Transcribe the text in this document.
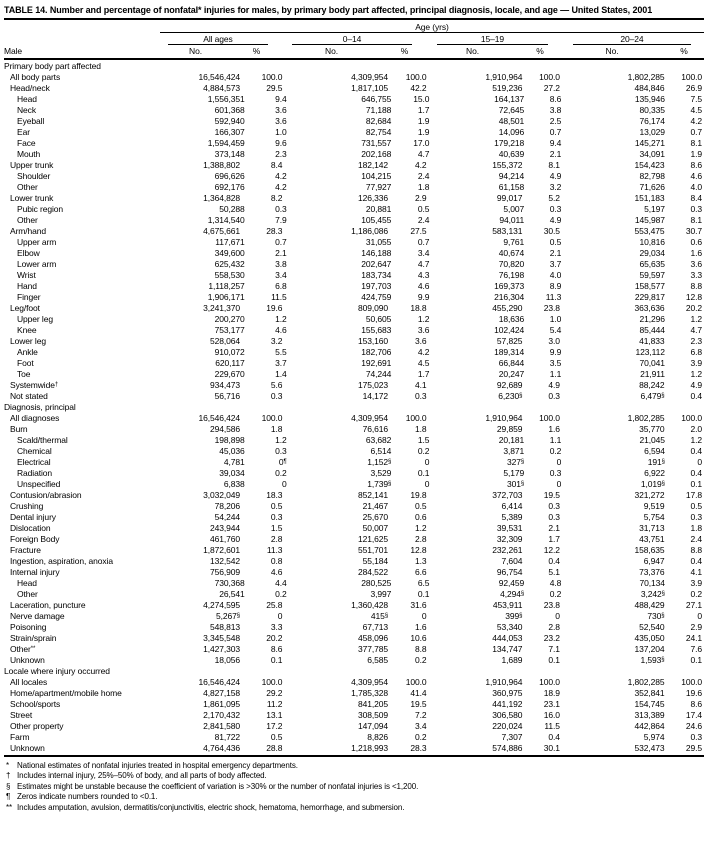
TABLE 14. Number and percentage of nonfatal* injuries for males, by primary body part affected, principal diagnosis, locale, and age — United States, 2001
Age (yrs)
All ages	0–14	15–19	20–24
Male	No.	%	No.	%	No.	%	No.	%
Primary body part affected
All body parts	16,546,424	100.0	4,309,954	100.0	1,910,964	100.0	1,802,285	100.0
Head/neck	4,884,573	29.5	1,817,105	42.2	519,236	27.2	484,846	26.9
Head	1,556,351	9.4	646,755	15.0	164,137	8.6	135,946	7.5
Neck	601,368	3.6	71,188	1.7	72,645	3.8	80,335	4.5
Eyeball	592,940	3.6	82,684	1.9	48,501	2.5	76,174	4.2
Ear	166,307	1.0	82,754	1.9	14,096	0.7	13,029	0.7
Face	1,594,459	9.6	731,557	17.0	179,218	9.4	145,271	8.1
Mouth	373,148	2.3	202,168	4.7	40,639	2.1	34,091	1.9
Upper trunk	1,388,802	8.4	182,142	4.2	155,372	8.1	154,423	8.6
Shoulder	696,626	4.2	104,215	2.4	94,214	4.9	82,798	4.6
Other	692,176	4.2	77,927	1.8	61,158	3.2	71,626	4.0
Lower trunk	1,364,828	8.2	126,336	2.9	99,017	5.2	151,183	8.4
Pubic region	50,288	0.3	20,881	0.5	5,007	0.3	5,197	0.3
Other	1,314,540	7.9	105,455	2.4	94,011	4.9	145,987	8.1
Arm/hand	4,675,661	28.3	1,186,086	27.5	583,131	30.5	553,475	30.7
Upper arm	117,671	0.7	31,055	0.7	9,761	0.5	10,816	0.6
Elbow	349,600	2.1	146,188	3.4	40,674	2.1	29,034	1.6
Lower arm	625,432	3.8	202,647	4.7	70,820	3.7	65,635	3.6
Wrist	558,530	3.4	183,734	4.3	76,198	4.0	59,597	3.3
Hand	1,118,257	6.8	197,703	4.6	169,373	8.9	158,577	8.8
Finger	1,906,171	11.5	424,759	9.9	216,304	11.3	229,817	12.8
Leg/foot	3,241,370	19.6	809,090	18.8	455,290	23.8	363,636	20.2
Upper leg	200,270	1.2	50,605	1.2	18,636	1.0	21,296	1.2
Knee	753,177	4.6	155,683	3.6	102,424	5.4	85,444	4.7
Lower leg	528,064	3.2	153,160	3.6	57,825	3.0	41,833	2.3
Ankle	910,072	5.5	182,706	4.2	189,314	9.9	123,112	6.8
Foot	620,117	3.7	192,691	4.5	66,844	3.5	70,041	3.9
Toe	229,670	1.4	74,244	1.7	20,247	1.1	21,911	1.2
Systemwide†	934,473	5.6	175,023	4.1	92,689	4.9	88,242	4.9
Not stated	56,716	0.3	14,172	0.3	6,230§	0.3	6,479§	0.4
Diagnosis, principal
All diagnoses	16,546,424	100.0	4,309,954	100.0	1,910,964	100.0	1,802,285	100.0
Burn	294,586	1.8	76,616	1.8	29,859	1.6	35,770	2.0
Scald/thermal	198,898	1.2	63,682	1.5	20,181	1.1	21,045	1.2
Chemical	45,036	0.3	6,514	0.2	3,871	0.2	6,594	0.4
Electrical	4,781	0¶	1,152§	0	327§	0	191§	0
Radiation	39,034	0.2	3,529	0.1	5,179	0.3	6,922	0.4
Unspecified	6,838	0	1,739§	0	301§	0	1,019§	0.1
Contusion/abrasion	3,032,049	18.3	852,141	19.8	372,703	19.5	321,272	17.8
Crushing	78,206	0.5	21,467	0.5	6,414	0.3	9,519	0.5
Dental injury	54,244	0.3	25,670	0.6	5,389	0.3	5,754	0.3
Dislocation	243,944	1.5	50,007	1.2	39,531	2.1	31,713	1.8
Foreign Body	461,760	2.8	121,625	2.8	32,309	1.7	43,751	2.4
Fracture	1,872,601	11.3	551,701	12.8	232,261	12.2	158,635	8.8
Ingestion, aspiration, anoxia	132,542	0.8	55,184	1.3	7,604	0.4	6,947	0.4
Internal injury	756,909	4.6	284,522	6.6	96,754	5.1	73,376	4.1
Head	730,368	4.4	280,525	6.5	92,459	4.8	70,134	3.9
Other	26,541	0.2	3,997	0.1	4,294§	0.2	3,242§	0.2
Laceration, puncture	4,274,595	25.8	1,360,428	31.6	453,911	23.8	488,429	27.1
Nerve damage	5,267§	0	415§	0	399§	0	730§	0
Poisoning	548,813	3.3	67,713	1.6	53,340	2.8	52,540	2.9
Strain/sprain	3,345,548	20.2	458,096	10.6	444,053	23.2	435,050	24.1
Other**	1,427,303	8.6	377,785	8.8	134,747	7.1	137,204	7.6
Unknown	18,056	0.1	6,585	0.2	1,689	0.1	1,593§	0.1
Locale where injury occurred
All locales	16,546,424	100.0	4,309,954	100.0	1,910,964	100.0	1,802,285	100.0
Home/apartment/mobile home	4,827,158	29.2	1,785,328	41.4	360,975	18.9	352,841	19.6
School/sports	1,861,095	11.2	841,205	19.5	441,192	23.1	154,745	8.6
Street	2,170,432	13.1	308,509	7.2	306,580	16.0	313,389	17.4
Other property	2,841,580	17.2	147,094	3.4	220,024	11.5	442,864	24.6
Farm	81,722	0.5	8,826	0.2	7,307	0.4	5,974	0.3
Unknown	4,764,436	28.8	1,218,993	28.3	574,886	30.1	532,473	29.5
* National estimates of nonfatal injuries treated in hospital emergency departments.
† Includes internal injury, 25%–50% of body, and all parts of body affected.
§ Estimates might be unstable because the coefficient of variation is >30% or the number of nonfatal injuries is <1,200.
¶ Zeros indicate numbers rounded to <0.1.
** Includes amputation, avulsion, dermatitis/conjunctivitis, electric shock, hematoma, hemorrhage, and submersion.
